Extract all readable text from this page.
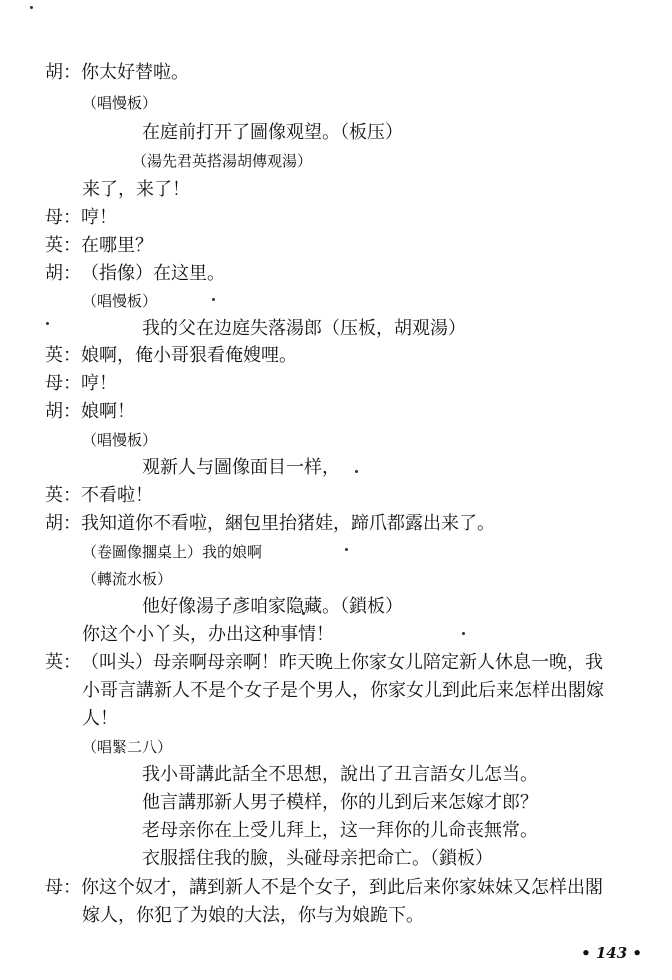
胡：你太好替啦。
（唱慢板）
在庭前打开了圖像观望。（板压）
（湯先君英搭湯胡傳观湯）
来了，来了！
母：哼！
英：在哪里？
胡：（指像）在这里。
（唱慢板）
我的父在边庭失落湯郎（压板，胡观湯）
英：娘啊，俺小哥狠看俺嫂哩。
母：哼！
胡：娘啊！
（唱慢板）
观新人与圖像面目一样，
英：不看啦！
胡：我知道你不看啦，綑包里抬猪娃，蹄爪都露出来了。
（卷圖像擱桌上）我的娘啊
（轉流水板）
他好像湯子彥咱家隐藏。（鎖板）
你这个小丫头，办出这种事情！
英：（叫头）母亲啊母亲啊！昨天晚上你家女儿陪定新人休息一晚，我
小哥言講新人不是个女子是个男人，你家女儿到此后来怎样出閣嫁
人！
（唱緊二八）
我小哥講此話全不思想，說出了丑言語女儿怎当。
他言講那新人男子模样，你的儿到后来怎嫁才郎？
老母亲你在上受儿拜上，这一拜你的儿命丧無常。
衣服揺住我的臉，头碰母亲把命亡。（鎖板）
母：你这个奴才，講到新人不是个女子，到此后来你家妹妹又怎样出閣
嫁人，你犯了为娘的大法，你与为娘跪下。
• 143 •
